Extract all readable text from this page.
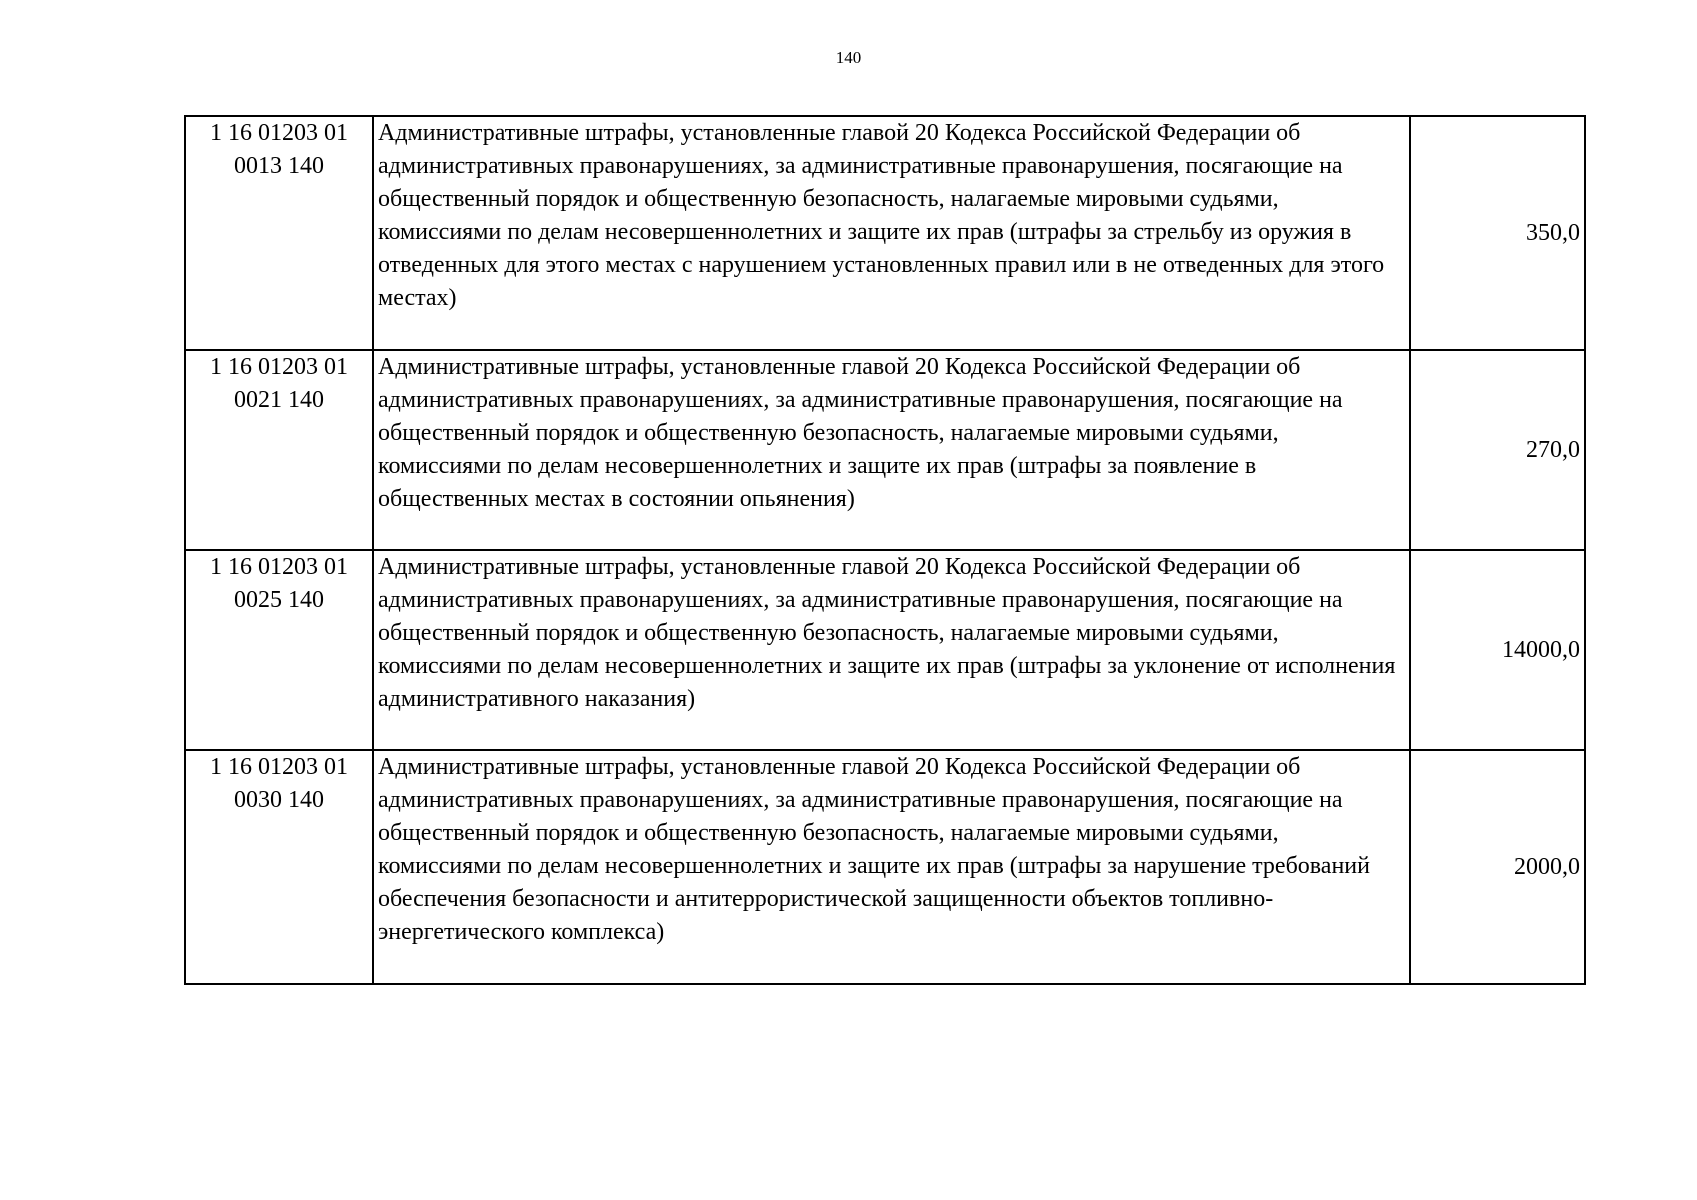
140
1 16 01203 01
0013 140	Административные штрафы, установленные главой 20 Кодекса Российской Федерации об административных правонарушениях, за административные правонарушения, посягающие на общественный порядок и общественную безопасность, налагаемые мировыми судьями, комиссиями по делам несовершеннолетних и защите их прав (штрафы за стрельбу из оружия в отведенных для этого местах с нарушением установленных правил или в не отведенных для этого местах)	350,0

1 16 01203 01
0021 140	Административные штрафы, установленные главой 20 Кодекса Российской Федерации об административных правонарушениях, за административные правонарушения, посягающие на общественный порядок и общественную безопасность, налагаемые мировыми судьями, комиссиями по делам несовершеннолетних и защите их прав (штрафы за появление в общественных местах в состоянии опьянения)	270,0

1 16 01203 01
0025 140	Административные штрафы, установленные главой 20 Кодекса Российской Федерации об административных правонарушениях, за административные правонарушения, посягающие на общественный порядок и общественную безопасность, налагаемые мировыми судьями, комиссиями по делам несовершеннолетних и защите их прав (штрафы за уклонение от исполнения административного наказания)	14000,0

1 16 01203 01
0030 140	Административные штрафы, установленные главой 20 Кодекса Российской Федерации об административных правонарушениях, за административные правонарушения, посягающие на общественный порядок и общественную безопасность, налагаемые мировыми судьями, комиссиями по делам несовершеннолетних и защите их прав (штрафы за нарушение требований обеспечения безопасности и антитеррористической защищенности объектов топливно-энергетического комплекса)	2000,0
